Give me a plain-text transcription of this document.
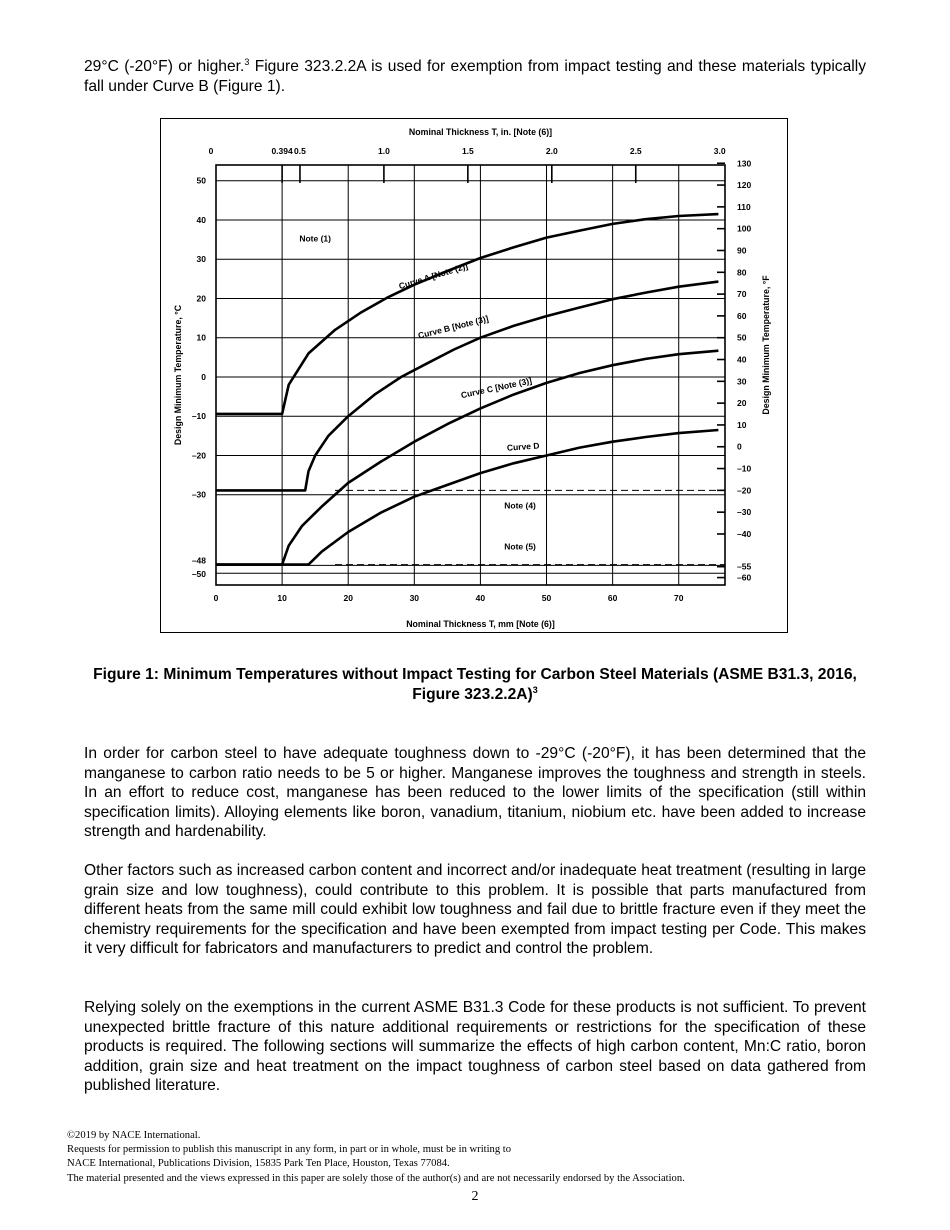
29°C (-20°F) or higher.$^3$ Figure 323.2.2A is used for exemption from impact testing and these materials typically fall under Curve B (Figure 1).

0	10	20	30	40	50	60	70
50
40
30
20
10
0
–10
–20
–30
–48
–50
0	0.394 0.5	1.0	1.5	2.0	2.5	3.0
130
120
110
100
90
80
70
60
50
40
30
20
10
0
–10
–20
–30
–40
–55
–60
Curve A [Note (2)]
Curve B [Note (3)]
Curve C [Note (3)]
Curve D
Note (1)
Note (4)
Note (5)
Nominal Thickness T, in. [Note (6)]
Nominal Thickness T, mm [Note (6)]
Design Minimum Temperature, °C	Design Minimum Temperature, °F
Figure 1: Minimum Temperatures without Impact Testing for Carbon Steel Materials (ASME B31.3, 2016, Figure 323.2.2A)$^3$

In order for carbon steel to have adequate toughness down to -29°C (-20°F), it has been determined that the manganese to carbon ratio needs to be 5 or higher. Manganese improves the toughness and strength in steels. In an effort to reduce cost, manganese has been reduced to the lower limits of the specification (still within specification limits). Alloying elements like boron, vanadium, titanium, niobium etc. have been added to increase strength and hardenability.

Other factors such as increased carbon content and incorrect and/or inadequate heat treatment (resulting in large grain size and low toughness), could contribute to this problem. It is possible that parts manufactured from different heats from the same mill could exhibit low toughness and fail due to brittle fracture even if they meet the chemistry requirements for the specification and have been exempted from impact testing per Code. This makes it very difficult for fabricators and manufacturers to predict and control the problem.

Relying solely on the exemptions in the current ASME B31.3 Code for these products is not sufficient. To prevent unexpected brittle fracture of this nature additional requirements or restrictions for the specification of these products is required. The following sections will summarize the effects of high carbon content, Mn:C ratio, boron addition, grain size and heat treatment on the impact toughness of carbon steel based on data gathered from published literature.

©2019 by NACE International.
Requests for permission to publish this manuscript in any form, in part or in whole, must be in writing to
NACE International, Publications Division, 15835 Park Ten Place, Houston, Texas 77084.
The material presented and the views expressed in this paper are solely those of the author(s) and are not necessarily endorsed by the Association.
2
